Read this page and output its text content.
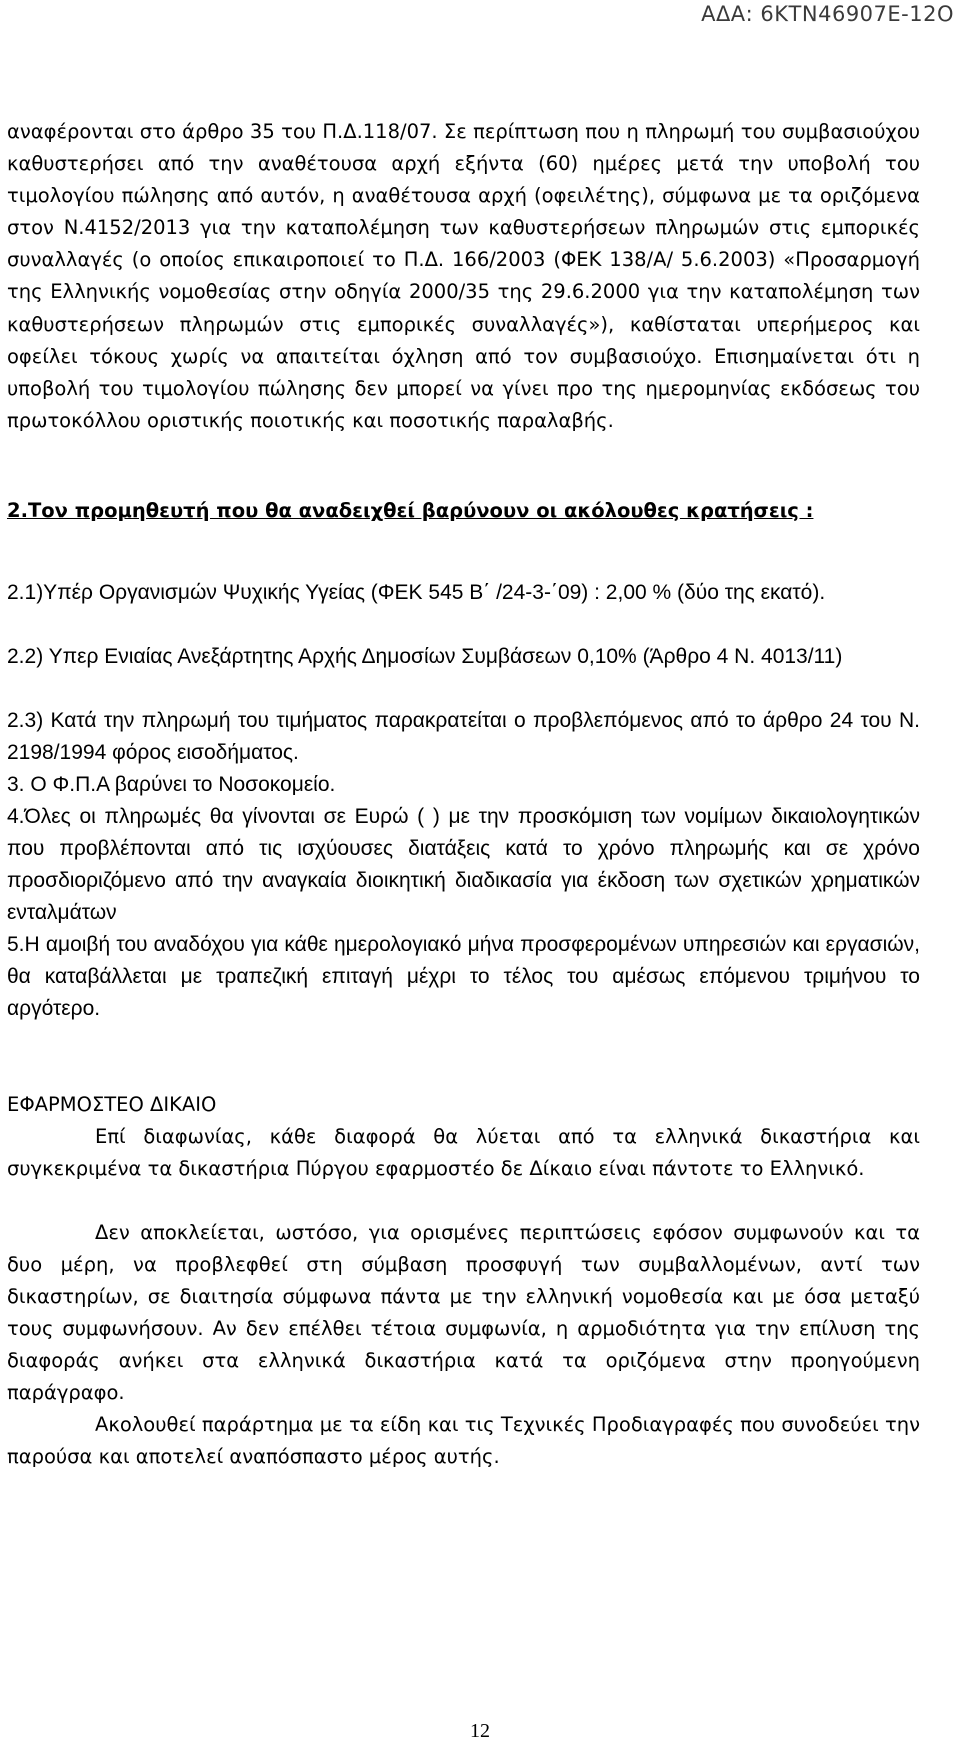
ΑΔΑ: 6ΚΤΝ46907Ε-12Ο
αναφέρονται στο άρθρο 35 του Π.Δ.118/07. Σε περίπτωση που η πληρωμή του συμβασιούχου καθυστερήσει από την αναθέτουσα αρχή εξήντα (60) ημέρες μετά την υποβολή του τιμολογίου πώλησης από αυτόν, η αναθέτουσα αρχή (οφειλέτης), σύμφωνα με τα οριζόμενα στον Ν.4152/2013 για την καταπολέμηση των καθυστερήσεων πληρωμών στις εμπορικές συναλλαγές (ο οποίος επικαιροποιεί το Π.Δ. 166/2003 (ΦΕΚ 138/Α/ 5.6.2003) «Προσαρμογή της Ελληνικής νομοθεσίας στην οδηγία 2000/35 της 29.6.2000 για την καταπολέμηση των καθυστερήσεων πληρωμών στις εμπορικές συναλλαγές»), καθίσταται υπερήμερος και οφείλει τόκους χωρίς να απαιτείται όχληση από τον συμβασιούχο. Επισημαίνεται ότι η υποβολή του τιμολογίου πώλησης δεν μπορεί να γίνει προ της ημερομηνίας εκδόσεως του πρωτοκόλλου οριστικής ποιοτικής και ποσοτικής παραλαβής.
2.Τον προμηθευτή που θα αναδειχθεί βαρύνουν οι ακόλουθες κρατήσεις :
2.1)Υπέρ Οργανισμών Ψυχικής Υγείας (ΦΕΚ 545 Β΄ /24-3-΄09) : 2,00 % (δύο της εκατό).
2.2) Υπερ Ενιαίας Ανεξάρτητης Αρχής Δημοσίων Συμβάσεων 0,10% (Άρθρο 4 Ν. 4013/11)
2.3) Κατά την πληρωμή του τιμήματος παρακρατείται ο προβλεπόμενος από το άρθρο 24 του Ν. 2198/1994 φόρος εισοδήματος.
3. Ο Φ.Π.Α βαρύνει το Νοσοκομείο.
4.Όλες οι πληρωμές θα γίνονται σε Ευρώ ( ) με την προσκόμιση των νομίμων δικαιολογητικών που προβλέπονται από τις ισχύουσες διατάξεις κατά το χρόνο πληρωμής και σε χρόνο προσδιοριζόμενο από την αναγκαία διοικητική διαδικασία για έκδοση των σχετικών χρηματικών ενταλμάτων
5.Η αμοιβή του αναδόχου για κάθε ημερολογιακό μήνα προσφερομένων υπηρεσιών και εργασιών, θα καταβάλλεται με τραπεζική επιταγή μέχρι το τέλος του αμέσως επόμενου τριμήνου το αργότερο.
ΕΦΑΡΜΟΣΤΕΟ ΔΙΚΑΙΟ
Επί διαφωνίας, κάθε διαφορά θα λύεται από τα ελληνικά δικαστήρια και συγκεκριμένα τα δικαστήρια Πύργου εφαρμοστέο δε Δίκαιο είναι πάντοτε το Ελληνικό.
Δεν αποκλείεται, ωστόσο, για ορισμένες περιπτώσεις εφόσον συμφωνούν και τα δυο μέρη, να προβλεφθεί στη σύμβαση προσφυγή των συμβαλλομένων, αντί των δικαστηρίων, σε διαιτησία σύμφωνα πάντα με την ελληνική νομοθεσία και με όσα μεταξύ τους συμφωνήσουν. Αν δεν επέλθει τέτοια συμφωνία, η αρμοδιότητα για την επίλυση της διαφοράς ανήκει στα ελληνικά δικαστήρια κατά τα οριζόμενα στην προηγούμενη παράγραφο.
Ακολουθεί παράρτημα με τα είδη και τις Τεχνικές Προδιαγραφές που συνοδεύει την παρούσα και αποτελεί αναπόσπαστο μέρος αυτής.
12
